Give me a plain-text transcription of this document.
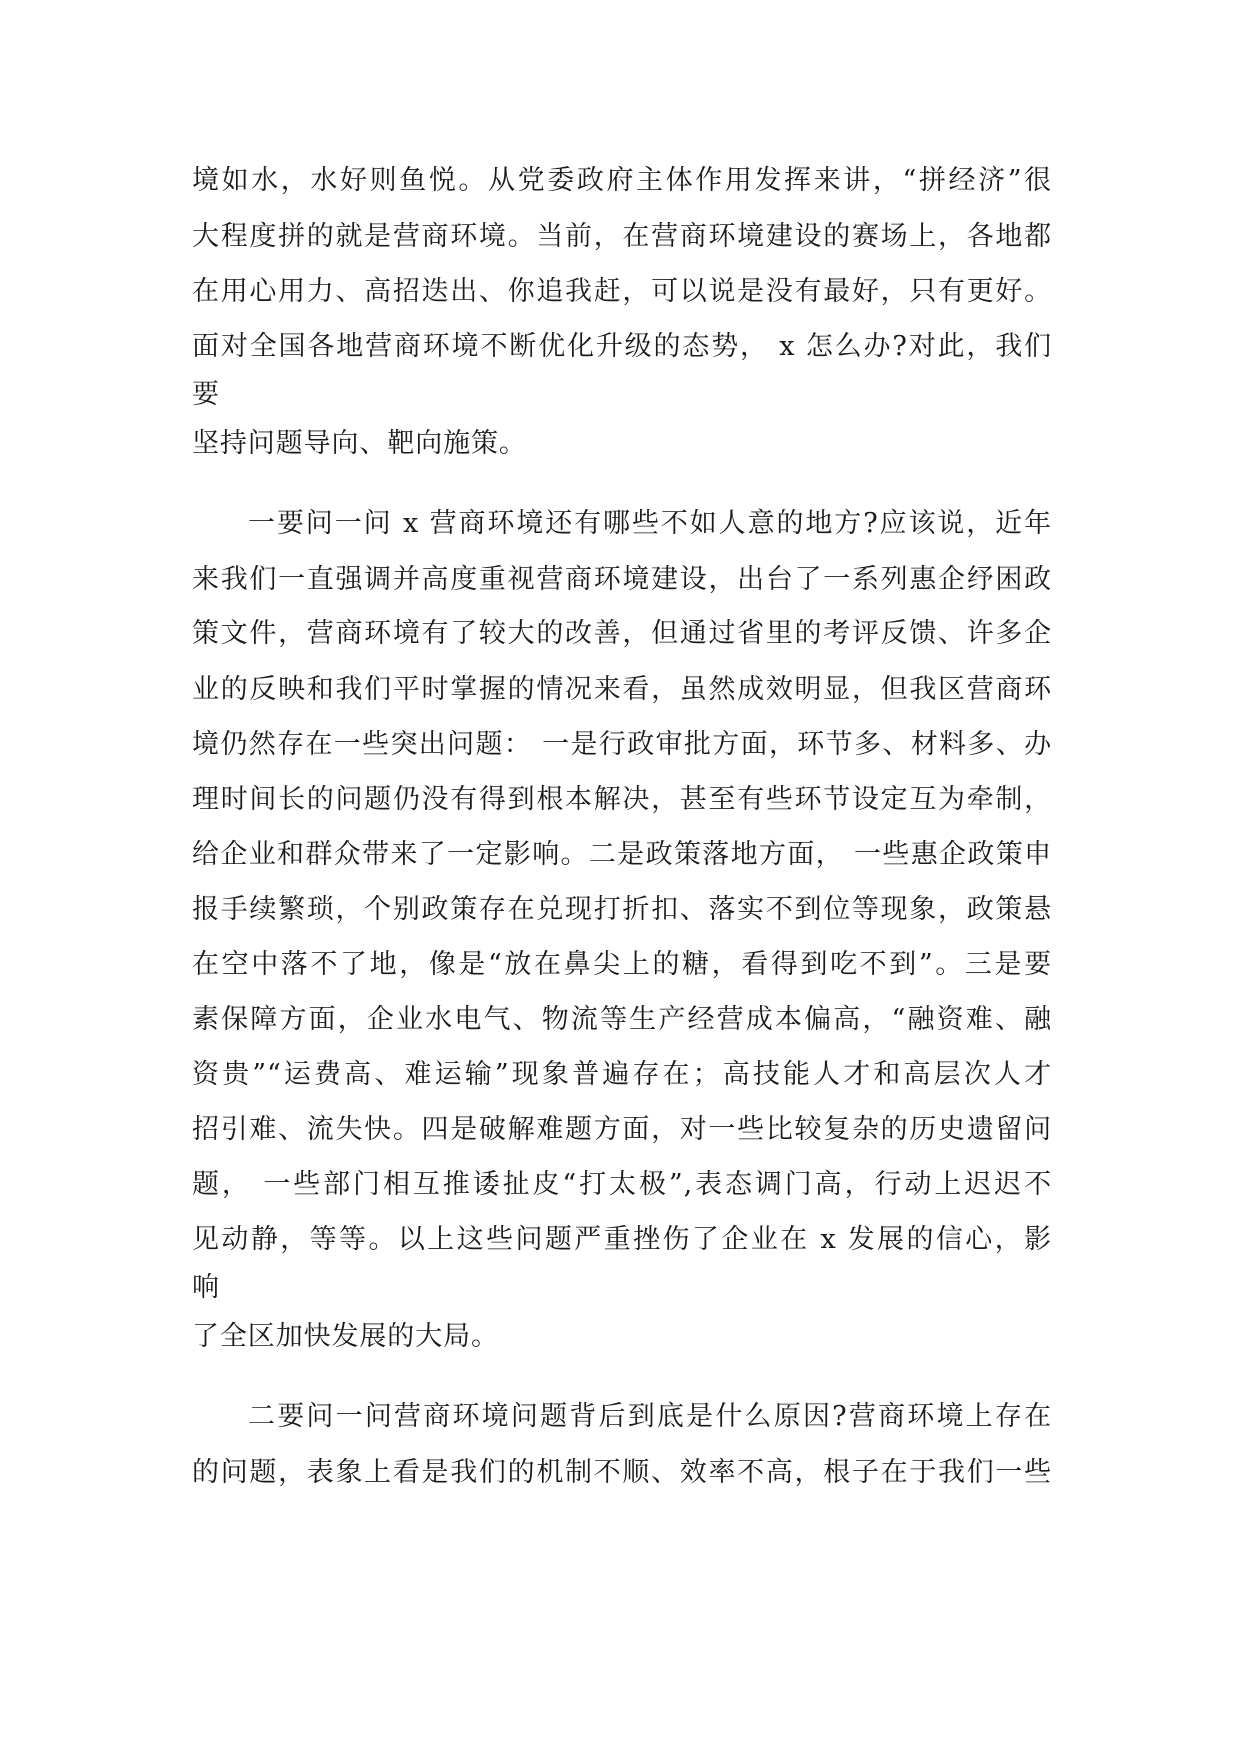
境如水，水好则鱼悦。从党委政府主体作用发挥来讲，“拼经济”很
大程度拼的就是营商环境。当前，在营商环境建设的赛场上，各地都
在用心用力、高招迭出、你追我赶，可以说是没有最好，只有更好。
面对全国各地营商环境不断优化升级的态势， x 怎么办?对此，我们
要
坚持问题导向、靶向施策。
一要问一问 x 营商环境还有哪些不如人意的地方?应该说，近年
来我们一直强调并高度重视营商环境建设，出台了一系列惠企纾困政
策文件，营商环境有了较大的改善，但通过省里的考评反馈、许多企
业的反映和我们平时掌握的情况来看，虽然成效明显，但我区营商环
境仍然存在一些突出问题： 一是行政审批方面，环节多、材料多、办
理时间长的问题仍没有得到根本解决，甚至有些环节设定互为牵制，
给企业和群众带来了一定影响。二是政策落地方面， 一些惠企政策申
报手续繁琐，个别政策存在兑现打折扣、落实不到位等现象，政策悬
在空中落不了地，像是“放在鼻尖上的糖，看得到吃不到”。三是要
素保障方面，企业水电气、物流等生产经营成本偏高，“融资难、融
资贵”“运费高、难运输”现象普遍存在；高技能人才和高层次人才
招引难、流失快。四是破解难题方面，对一些比较复杂的历史遗留问
题， 一些部门相互推诿扯皮“打太极”,表态调门高，行动上迟迟不
见动静，等等。以上这些问题严重挫伤了企业在 x 发展的信心，影
响
了全区加快发展的大局。
二要问一问营商环境问题背后到底是什么原因?营商环境上存在
的问题，表象上看是我们的机制不顺、效率不高，根子在于我们一些
